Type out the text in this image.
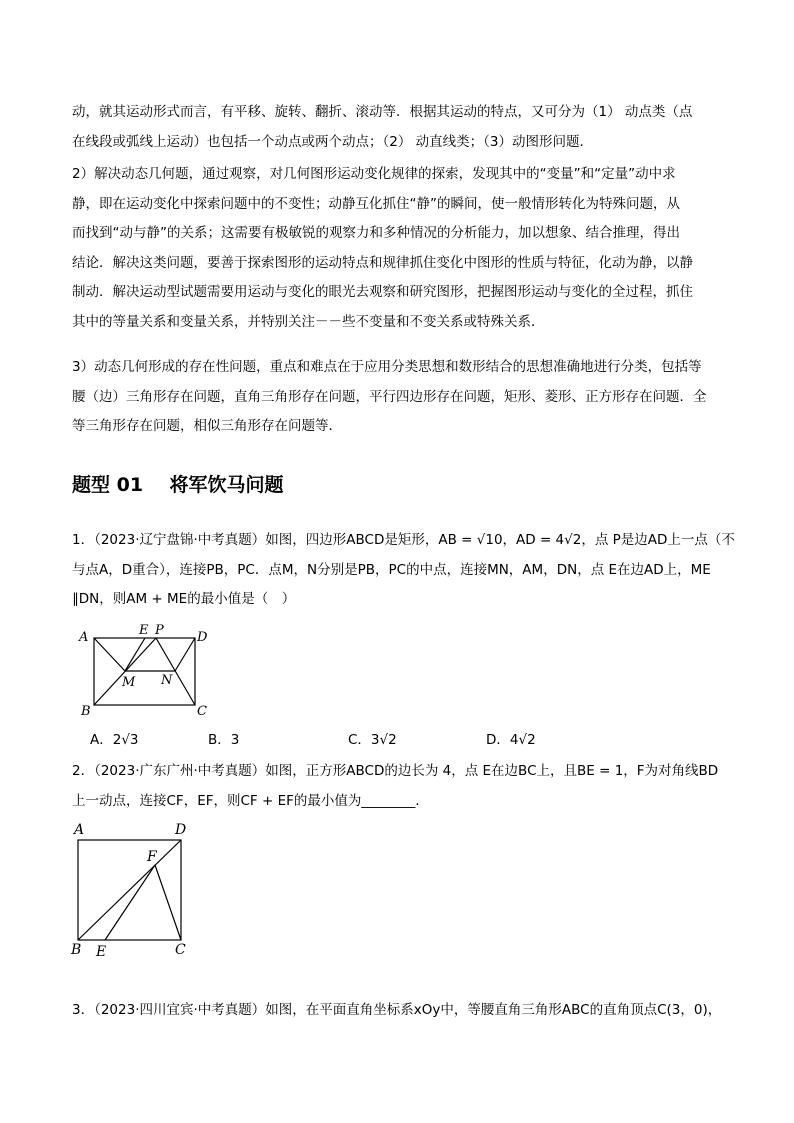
动，就其运动形式而言，有平移、旋转、翻折、滚动等．根据其运动的特点，又可分为（1） 动点类（点
在线段或弧线上运动）也包括一个动点或两个动点；（2） 动直线类；（3）动图形问题．
2）解决动态几何题，通过观察，对几何图形运动变化规律的探索，发现其中的“变量”和“定量”动中求
静，即在运动变化中探索问题中的不变性；动静互化抓住“静”的瞬间，使一般情形转化为特殊问题，从
而找到“动与静”的关系；这需要有极敏锐的观察力和多种情况的分析能力，加以想象、结合推理，得出
结论．解决这类问题，要善于探索图形的运动特点和规律抓住变化中图形的性质与特征，化动为静，以静
制动．解决运动型试题需要用运动与变化的眼光去观察和研究图形，把握图形运动与变化的全过程，抓住
其中的等量关系和变量关系，并特别关注－－些不变量和不变关系或特殊关系．
3）动态几何形成的存在性问题，重点和难点在于应用分类思想和数形结合的思想准确地进行分类，包括等
腰（边）三角形存在问题，直角三角形存在问题，平行四边形存在问题，矩形、菱形、正方形存在问题．全
等三角形存在问题，相似三角形存在问题等．
题型 01    将军饮马问题
1．（2023·辽宁盘锦·中考真题）如图，四边形ABCD是矩形，AB = √10，AD = 4√2，点 P是边AD上一点（不
与点A，D重合），连接PB，PC．点M，N分别是PB，PC的中点，连接MN，AM，DN，点 E在边AD上，ME
∥DN，则AM + ME的最小值是（　）
A
B	C
D
E P
M N
A．2√3	B．3	C．3√2	D．4√2
2．（2023·广东广州·中考真题）如图，正方形ABCD的边长为 4，点 E在边BC上，且BE = 1，F为对角线BD
上一动点，连接CF，EF，则CF + EF的最小值为________．
A	D
F
B E	C
3．（2023·四川宜宾·中考真题）如图，在平面直角坐标系xOy中，等腰直角三角形ABC的直角顶点C(3，0)，
